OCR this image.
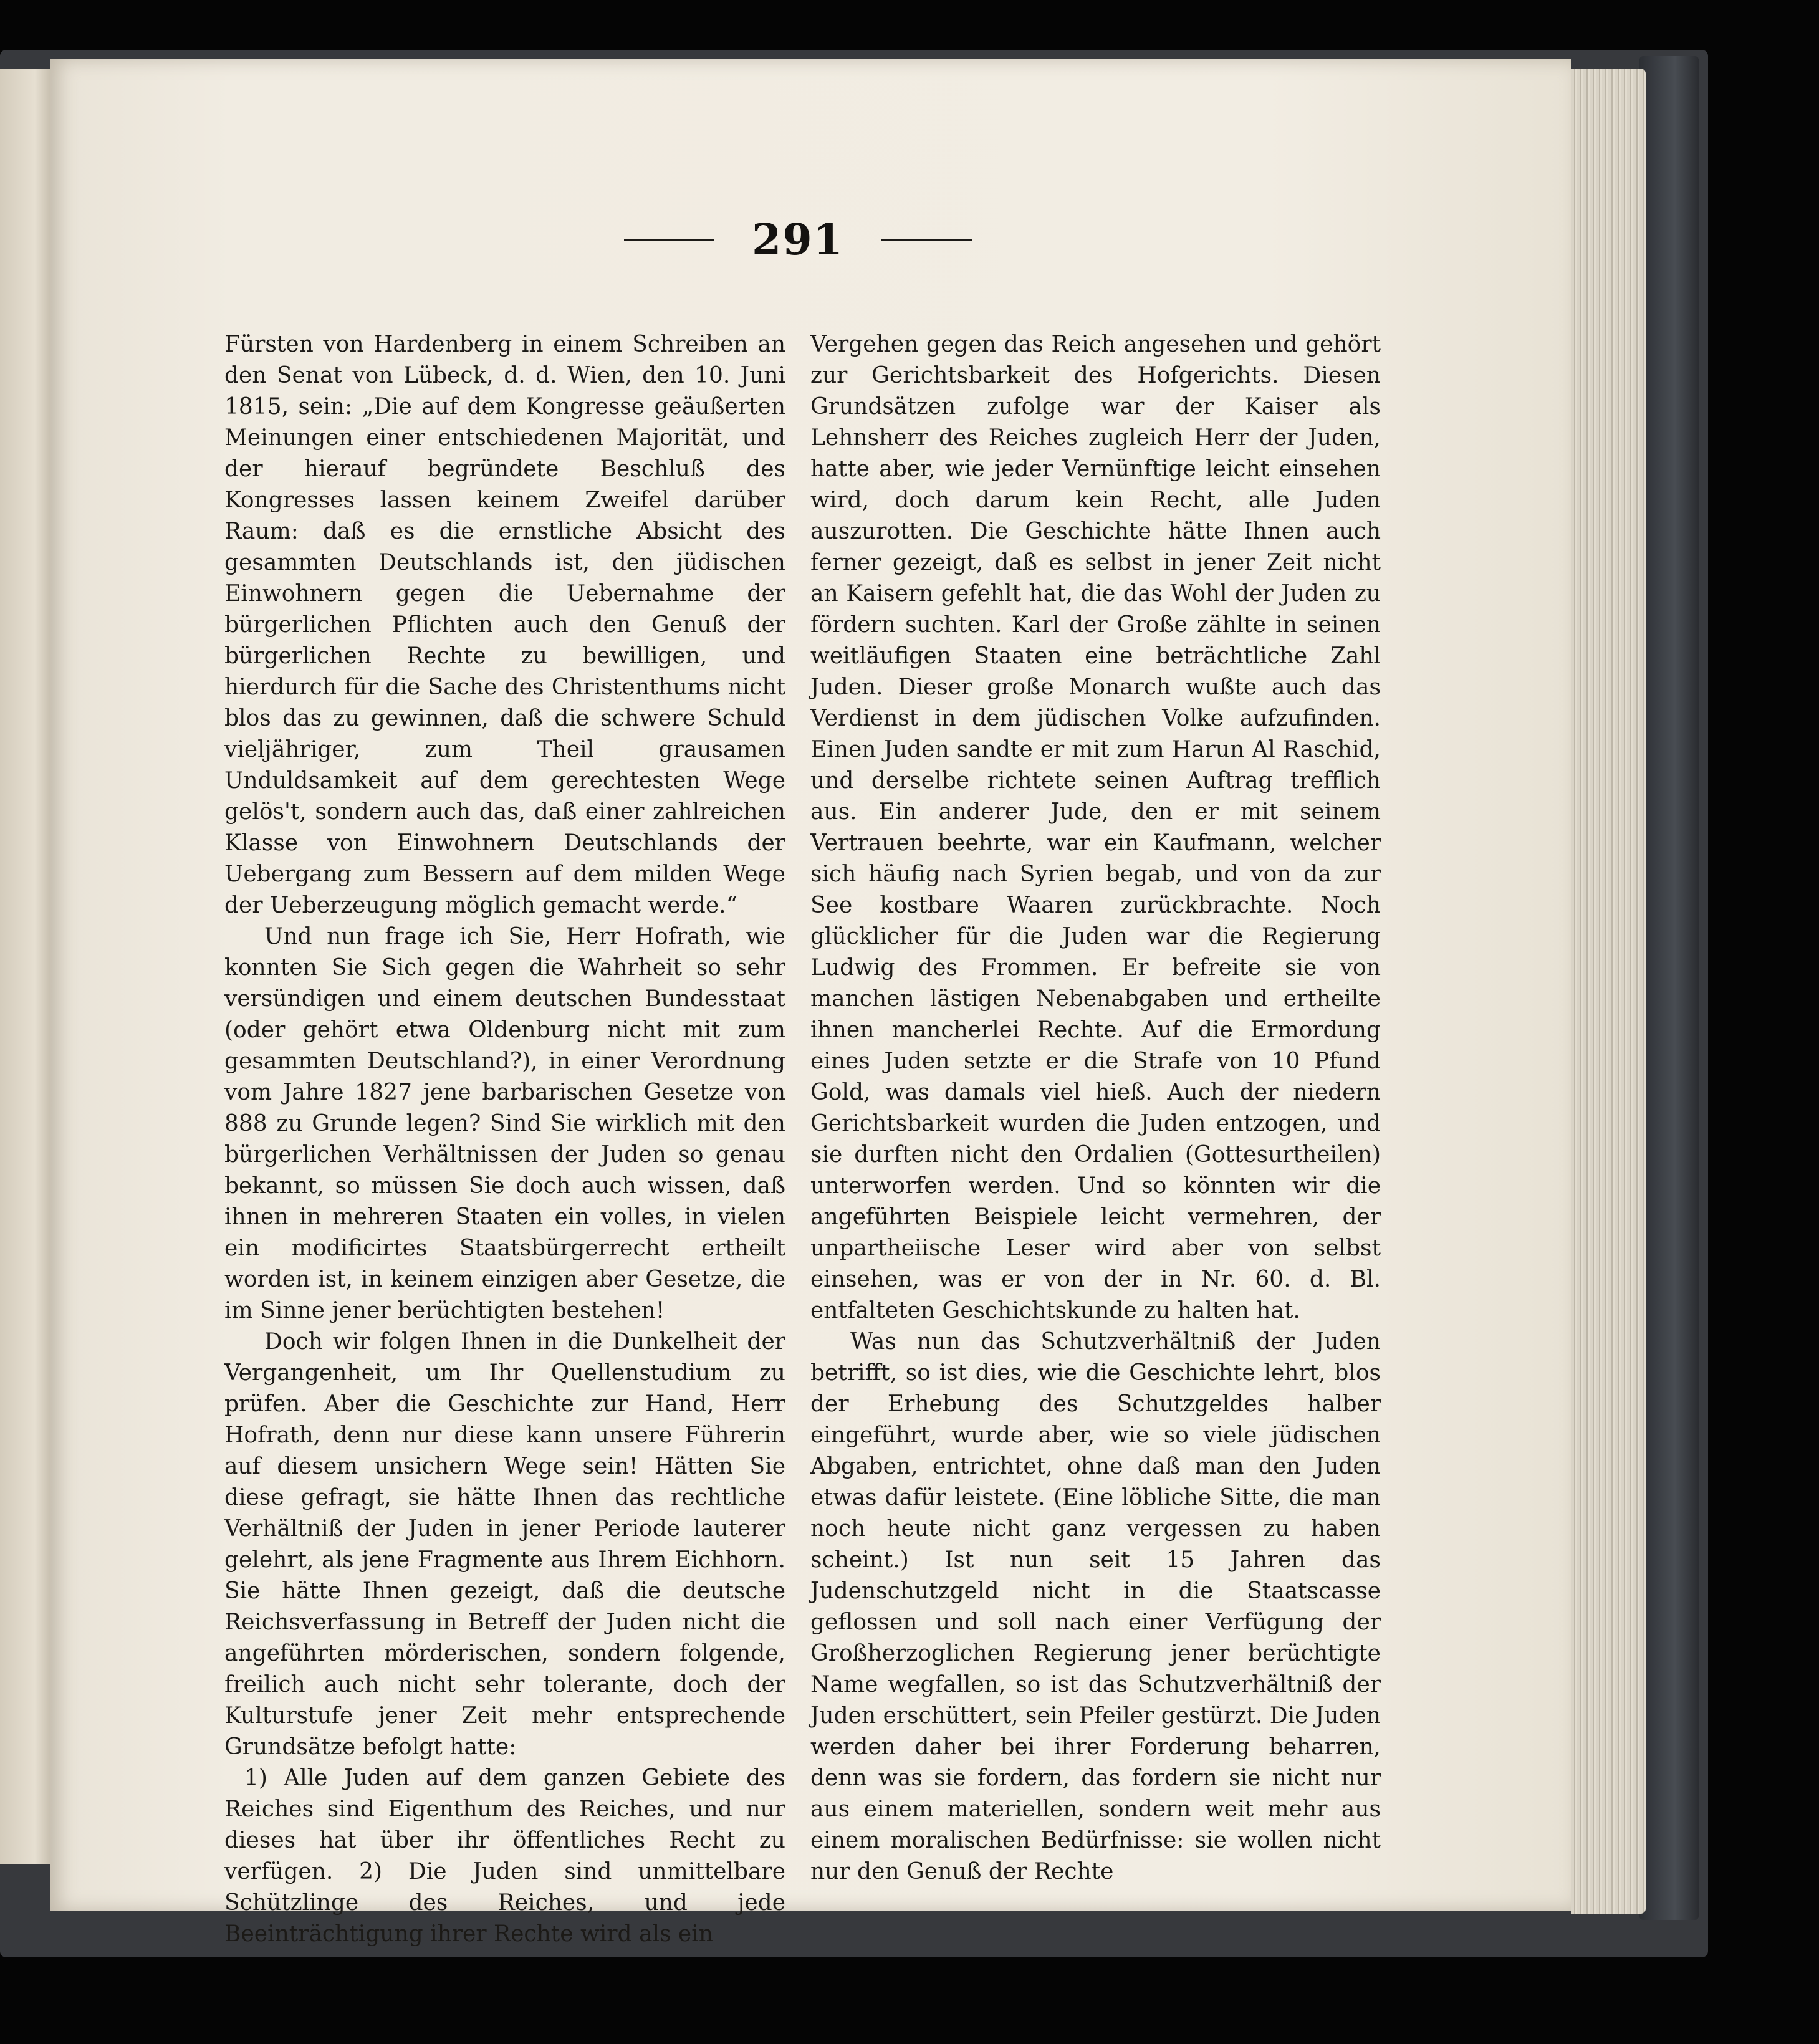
291

Fürsten von Hardenberg in einem Schreiben an den Senat von Lübeck, d. d. Wien, den 10. Juni 1815, sein: „Die auf dem Kongresse geäußerten Meinungen einer entschiedenen Majorität, und der hierauf begründete Beschluß des Kongresses lassen keinem Zweifel darüber Raum: daß es die ernstliche Absicht des gesammten Deutschlands ist, den jüdischen Einwohnern gegen die Uebernahme der bürgerlichen Pflichten auch den Genuß der bürgerlichen Rechte zu bewilligen, und hierdurch für die Sache des Christenthums nicht blos das zu gewinnen, daß die schwere Schuld vieljähriger, zum Theil grausamen Unduldsamkeit auf dem gerechtesten Wege gelös't, sondern auch das, daß einer zahlreichen Klasse von Einwohnern Deutschlands der Uebergang zum Bessern auf dem milden Wege der Ueberzeugung möglich gemacht werde.“

Und nun frage ich Sie, Herr Hofrath, wie konnten Sie Sich gegen die Wahrheit so sehr versündigen und einem deutschen Bundesstaat (oder gehört etwa Oldenburg nicht mit zum gesammten Deutschland?), in einer Verordnung vom Jahre 1827 jene barbarischen Gesetze von 888 zu Grunde legen? Sind Sie wirklich mit den bürgerlichen Verhältnissen der Juden so genau bekannt, so müssen Sie doch auch wissen, daß ihnen in mehreren Staaten ein volles, in vielen ein modificirtes Staatsbürgerrecht ertheilt worden ist, in keinem einzigen aber Gesetze, die im Sinne jener berüchtigten bestehen!

Doch wir folgen Ihnen in die Dunkelheit der Vergangenheit, um Ihr Quellenstudium zu prüfen. Aber die Geschichte zur Hand, Herr Hofrath, denn nur diese kann unsere Führerin auf diesem unsichern Wege sein! Hätten Sie diese gefragt, sie hätte Ihnen das rechtliche Verhältniß der Juden in jener Periode lauterer gelehrt, als jene Fragmente aus Ihrem Eichhorn. Sie hätte Ihnen gezeigt, daß die deutsche Reichsverfassung in Betreff der Juden nicht die angeführten mörderischen, sondern folgende, freilich auch nicht sehr tolerante, doch der Kulturstufe jener Zeit mehr entsprechende Grundsätze befolgt hatte:

1) Alle Juden auf dem ganzen Gebiete des Reiches sind Eigenthum des Reiches, und nur dieses hat über ihr öffentliches Recht zu verfügen. 2) Die Juden sind unmittelbare Schützlinge des Reiches, und jede Beeinträchtigung ihrer Rechte wird als ein

Vergehen gegen das Reich angesehen und gehört zur Gerichtsbarkeit des Hofgerichts. Diesen Grundsätzen zufolge war der Kaiser als Lehnsherr des Reiches zugleich Herr der Juden, hatte aber, wie jeder Vernünftige leicht einsehen wird, doch darum kein Recht, alle Juden auszurotten. Die Geschichte hätte Ihnen auch ferner gezeigt, daß es selbst in jener Zeit nicht an Kaisern gefehlt hat, die das Wohl der Juden zu fördern suchten. Karl der Große zählte in seinen weitläufigen Staaten eine beträchtliche Zahl Juden. Dieser große Monarch wußte auch das Verdienst in dem jüdischen Volke aufzufinden. Einen Juden sandte er mit zum Harun Al Raschid, und derselbe richtete seinen Auftrag trefflich aus. Ein anderer Jude, den er mit seinem Vertrauen beehrte, war ein Kaufmann, welcher sich häufig nach Syrien begab, und von da zur See kostbare Waaren zurückbrachte. Noch glücklicher für die Juden war die Regierung Ludwig des Frommen. Er befreite sie von manchen lästigen Nebenabgaben und ertheilte ihnen mancherlei Rechte. Auf die Ermordung eines Juden setzte er die Strafe von 10 Pfund Gold, was damals viel hieß. Auch der niedern Gerichtsbarkeit wurden die Juden entzogen, und sie durften nicht den Ordalien (Gottesurtheilen) unterworfen werden. Und so könnten wir die angeführten Beispiele leicht vermehren, der unpartheiische Leser wird aber von selbst einsehen, was er von der in Nr. 60. d. Bl. entfalteten Geschichtskunde zu halten hat.

Was nun das Schutzverhältniß der Juden betrifft, so ist dies, wie die Geschichte lehrt, blos der Erhebung des Schutzgeldes halber eingeführt, wurde aber, wie so viele jüdischen Abgaben, entrichtet, ohne daß man den Juden etwas dafür leistete. (Eine löbliche Sitte, die man noch heute nicht ganz vergessen zu haben scheint.) Ist nun seit 15 Jahren das Judenschutzgeld nicht in die Staatscasse geflossen und soll nach einer Verfügung der Großherzoglichen Regierung jener berüchtigte Name wegfallen, so ist das Schutzverhältniß der Juden erschüttert, sein Pfeiler gestürzt. Die Juden werden daher bei ihrer Forderung beharren, denn was sie fordern, das fordern sie nicht nur aus einem materiellen, sondern weit mehr aus einem moralischen Bedürfnisse: sie wollen nicht nur den Genuß der Rechte
